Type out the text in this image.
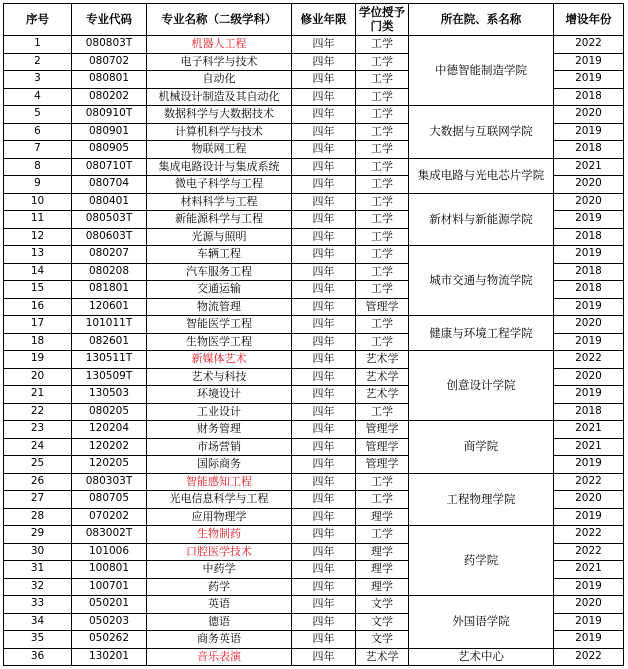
序号	专业代码	专业名称（二级学科）	修业年限	学位授予门类	所在院、系名称	增设年份
1	080803T	机器人工程	四年	工学	中德智能制造学院	2022
2	080702	电子科学与技术	四年	工学		2019
3	080801	自动化	四年	工学		2019
4	080202	机械设计制造及其自动化	四年	工学		2018
5	080910T	数据科学与大数据技术	四年	工学	大数据与互联网学院	2020
6	080901	计算机科学与技术	四年	工学		2019
7	080905	物联网工程	四年	工学		2018
8	080710T	集成电路设计与集成系统	四年	工学	集成电路与光电芯片学院	2021
9	080704	微电子科学与工程	四年	工学		2020
10	080401	材料科学与工程	四年	工学	新材料与新能源学院	2020
11	080503T	新能源科学与工程	四年	工学		2019
12	080603T	光源与照明	四年	工学		2018
13	080207	车辆工程	四年	工学	城市交通与物流学院	2019
14	080208	汽车服务工程	四年	工学		2018
15	081801	交通运输	四年	工学		2018
16	120601	物流管理	四年	管理学		2019
17	101011T	智能医学工程	四年	工学	健康与环境工程学院	2020
18	082601	生物医学工程	四年	工学		2019
19	130511T	新媒体艺术	四年	艺术学	创意设计学院	2022
20	130509T	艺术与科技	四年	艺术学		2020
21	130503	环境设计	四年	艺术学		2019
22	080205	工业设计	四年	工学		2018
23	120204	财务管理	四年	管理学	商学院	2021
24	120202	市场营销	四年	管理学		2021
25	120205	国际商务	四年	管理学		2019
26	080303T	智能感知工程	四年	工学	工程物理学院	2022
27	080705	光电信息科学与工程	四年	工学		2020
28	070202	应用物理学	四年	理学		2019
29	083002T	生物制药	四年	工学	药学院	2022
30	101006	口腔医学技术	四年	理学		2022
31	100801	中药学	四年	理学		2021
32	100701	药学	四年	理学		2019
33	050201	英语	四年	文学	外国语学院	2020
34	050203	德语	四年	文学		2019
35	050262	商务英语	四年	文学		2019
36	130201	音乐表演	四年	艺术学	艺术中心	2022
